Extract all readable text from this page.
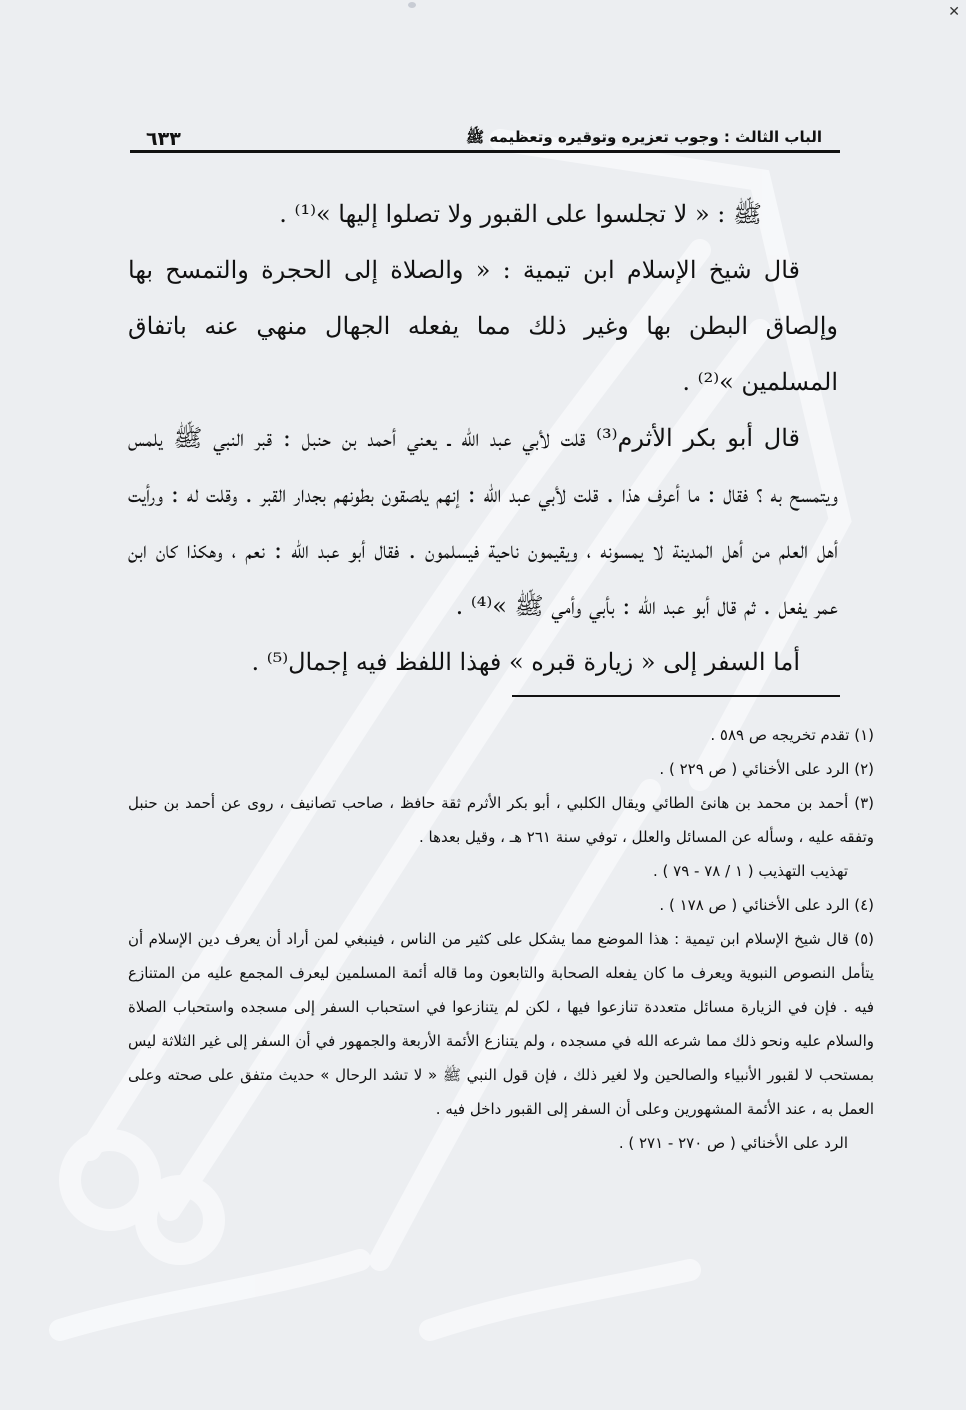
✕
الباب الثالث : وجوب تعزيره وتوقيره وتعظيمه ﷺ
٦٣٣

ﷺ : « لا تجلسوا على القبور ولا تصلوا إليها »⁽¹⁾ .

قال شيخ الإسلام ابن تيمية : « والصلاة إلى الحجرة والتمسح بها وإلصاق البطن بها وغير ذلك مما يفعله الجهال منهي عنه باتفاق المسلمين »⁽²⁾ .

قال أبو بكر الأثرم⁽³⁾ قلت لأبي عبد الله ـ يعني أحمد بن حنبل : قبر النبي ﷺ يلمس ويتمسح به ؟ فقال : ما أعرف هذا . قلت لأبي عبد الله : إنهم يلصقون بطونهم بجدار القبر . وقلت له : ورأيت أهل العلم من أهل المدينة لا يمسونه ، ويقيمون ناحية فيسلمون . فقال أبو عبد الله : نعم ، وهكذا كان ابن عمر يفعل . ثم قال أبو عبد الله : بأبي وأمي ﷺ »⁽⁴⁾ .

أما السفر إلى « زيارة قبره » فهذا اللفظ فيه إجمال⁽⁵⁾ .

(١) تقدم تخريجه ص ٥٨٩ .

(٢) الرد على الأخنائي ( ص ٢٢٩ ) .

(٣) أحمد بن محمد بن هانئ الطائي ويقال الكلبي ، أبو بكر الأثرم ثقة حافظ ، صاحب تصانيف ، روى عن أحمد بن حنبل وتفقه عليه ، وسأله عن المسائل والعلل ، توفي سنة ٢٦١ هـ ، وقيل بعدها .

تهذيب التهذيب ( ١ / ٧٨ - ٧٩ ) .

(٤) الرد على الأخنائي ( ص ١٧٨ ) .

(٥) قال شيخ الإسلام ابن تيمية : هذا الموضع مما يشكل على كثير من الناس ، فينبغي لمن أراد أن يعرف دين الإسلام أن يتأمل النصوص النبوية ويعرف ما كان يفعله الصحابة والتابعون وما قاله أئمة المسلمين ليعرف المجمع عليه من المتنازع فيه . فإن في الزيارة مسائل متعددة تنازعوا فيها ، لكن لم يتنازعوا في استحباب السفر إلى مسجده واستحباب الصلاة والسلام عليه ونحو ذلك مما شرعه الله في مسجده ، ولم يتنازع الأئمة الأربعة والجمهور في أن السفر إلى غير الثلاثة ليس بمستحب لا لقبور الأنبياء والصالحين ولا لغير ذلك ، فإن قول النبي ﷺ « لا تشد الرحال » حديث متفق على صحته وعلى العمل به ، عند الأئمة المشهورين وعلى أن السفر إلى القبور داخل فيه .

الرد على الأخنائي ( ص ٢٧٠ - ٢٧١ ) .
